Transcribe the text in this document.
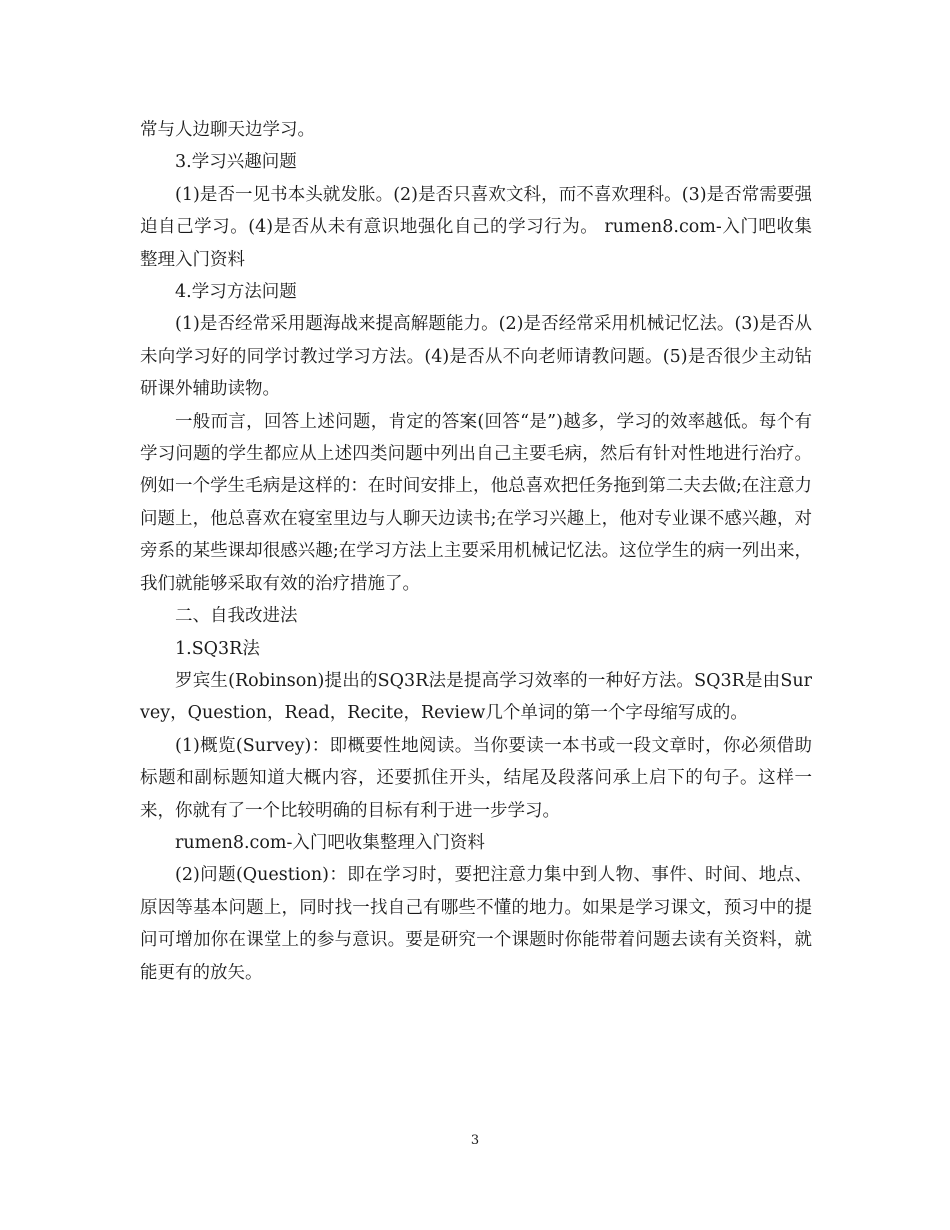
常与人边聊天边学习。

3.学习兴趣问题

(1)是否一见书本头就发胀。(2)是否只喜欢文科，而不喜欢理科。(3)是否常需要强迫自己学习。(4)是否从未有意识地强化自己的学习行为。 rumen8.com-入门吧收集整理入门资料

4.学习方法问题

(1)是否经常采用题海战来提高解题能力。(2)是否经常采用机械记忆法。(3)是否从未向学习好的同学讨教过学习方法。(4)是否从不向老师请教问题。(5)是否很少主动钻研课外辅助读物。

一般而言，回答上述问题，肯定的答案(回答“是”)越多，学习的效率越低。每个有学习问题的学生都应从上述四类问题中列出自己主要毛病，然后有针对性地进行治疗。例如一个学生毛病是这样的：在时间安排上，他总喜欢把任务拖到第二夫去做;在注意力问题上，他总喜欢在寝室里边与人聊天边读书;在学习兴趣上，他对专业课不感兴趣，对旁系的某些课却很感兴趣;在学习方法上主要采用机械记忆法。这位学生的病一列出来，我们就能够采取有效的治疗措施了。

二、自我改进法

1.SQ3R法

罗宾生(Robinson)提出的SQ3R法是提高学习效率的一种好方法。SQ3R是由Survey，Question，Read，Recite，Review几个单词的第一个字母缩写成的。

(1)概览(Survey)：即概要性地阅读。当你要读一本书或一段文章时，你必须借助标题和副标题知道大概内容，还要抓住开头，结尾及段落问承上启下的句子。这样一来，你就有了一个比较明确的目标有利于进一步学习。

rumen8.com-入门吧收集整理入门资料

(2)问题(Question)：即在学习时，要把注意力集中到人物、事件、时间、地点、原因等基本问题上，同时找一找自己有哪些不懂的地力。如果是学习课文，预习中的提问可增加你在课堂上的参与意识。要是研究一个课题时你能带着问题去读有关资料，就能更有的放矢。

3
